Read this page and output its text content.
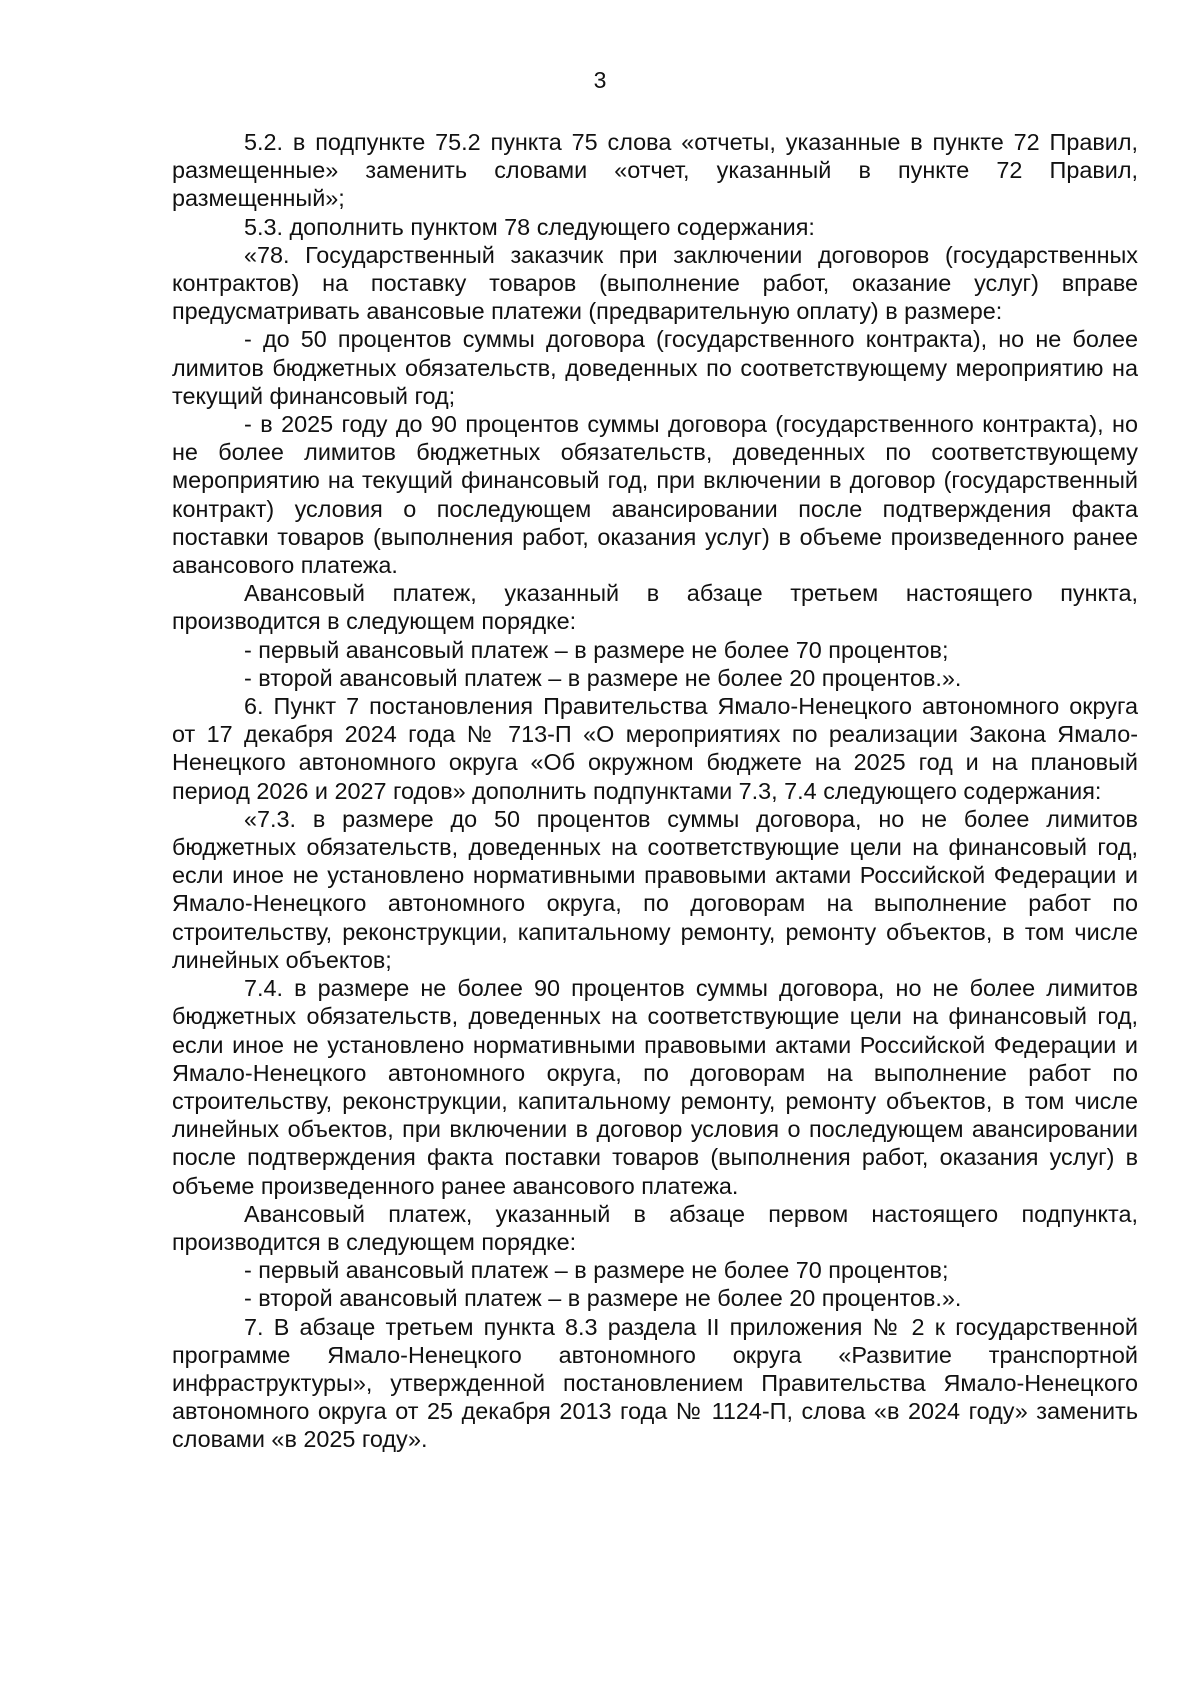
3

5.2. в подпункте 75.2 пункта 75 слова «отчеты, указанные в пункте 72 Правил, размещенные» заменить словами «отчет, указанный в пункте 72 Правил, размещенный»;

5.3. дополнить пунктом 78 следующего содержания:

«78. Государственный заказчик при заключении договоров (государственных контрактов) на поставку товаров (выполнение работ, оказание услуг) вправе предусматривать авансовые платежи (предварительную оплату) в размере:

- до 50 процентов суммы договора (государственного контракта), но не более лимитов бюджетных обязательств, доведенных по соответствующему мероприятию на текущий финансовый год;

- в 2025 году до 90 процентов суммы договора (государственного контракта), но не более лимитов бюджетных обязательств, доведенных по соответствующему мероприятию на текущий финансовый год, при включении в договор (государственный контракт) условия о последующем авансировании после подтверждения факта поставки товаров (выполнения работ, оказания услуг) в объеме произведенного ранее авансового платежа.

Авансовый платеж, указанный в абзаце третьем настоящего пункта, производится в следующем порядке:

- первый авансовый платеж – в размере не более 70 процентов;

- второй авансовый платеж – в размере не более 20 процентов.».

6. Пункт 7 постановления Правительства Ямало-Ненецкого автономного округа от 17 декабря 2024 года № 713-П «О мероприятиях по реализации Закона Ямало-Ненецкого автономного округа «Об окружном бюджете на 2025 год и на плановый период 2026 и 2027 годов» дополнить подпунктами 7.3, 7.4 следующего содержания:

«7.3. в размере до 50 процентов суммы договора, но не более лимитов бюджетных обязательств, доведенных на соответствующие цели на финансовый год, если иное не установлено нормативными правовыми актами Российской Федерации и Ямало-Ненецкого автономного округа, по договорам на выполнение работ по строительству, реконструкции, капитальному ремонту, ремонту объектов, в том числе линейных объектов;

7.4. в размере не более 90 процентов суммы договора, но не более лимитов бюджетных обязательств, доведенных на соответствующие цели на финансовый год, если иное не установлено нормативными правовыми актами Российской Федерации и Ямало-Ненецкого автономного округа, по договорам на выполнение работ по строительству, реконструкции, капитальному ремонту, ремонту объектов, в том числе линейных объектов, при включении в договор условия о последующем авансировании после подтверждения факта поставки товаров (выполнения работ, оказания услуг) в объеме произведенного ранее авансового платежа.

Авансовый платеж, указанный в абзаце первом настоящего подпункта, производится в следующем порядке:

- первый авансовый платеж – в размере не более 70 процентов;

- второй авансовый платеж – в размере не более 20 процентов.».

7. В абзаце третьем пункта 8.3 раздела II приложения № 2 к государственной программе Ямало-Ненецкого автономного округа «Развитие транспортной инфраструктуры», утвержденной постановлением Правительства Ямало-Ненецкого автономного округа от 25 декабря 2013 года № 1124-П, слова «в 2024 году» заменить словами «в 2025 году».
